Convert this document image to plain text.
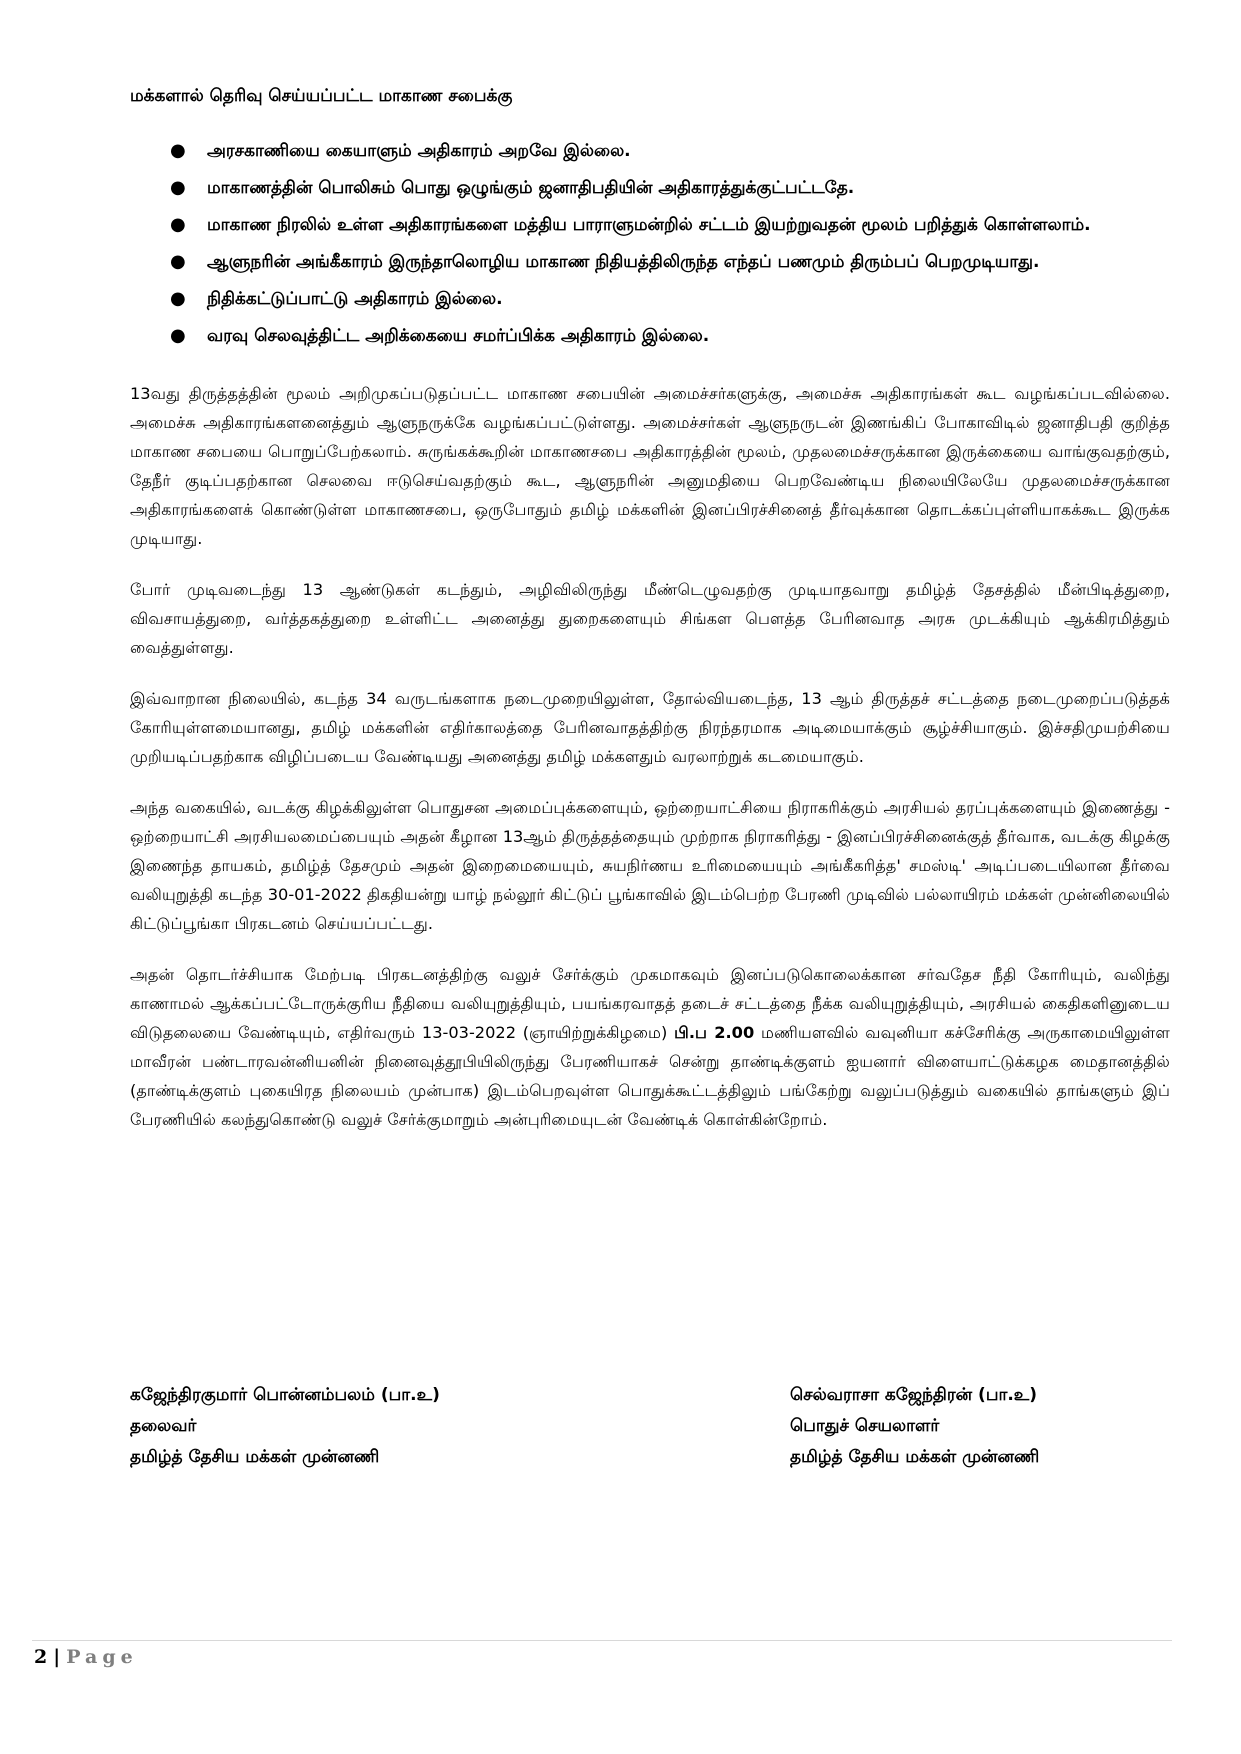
மக்களால் தெரிவு செய்யப்பட்ட மாகாண சபைக்கு

● அரசகாணியை கையாளும் அதிகாரம் அறவே இல்லை.
● மாகாணத்தின் பொலிசும் பொது ஒழுங்கும் ஜனாதிபதியின் அதிகாரத்துக்குட்பட்டதே.
● மாகாண நிரலில் உள்ள அதிகாரங்களை மத்திய பாராளுமன்றில் சட்டம் இயற்றுவதன் மூலம் பறித்துக் கொள்ளலாம்.
● ஆளுநரின் அங்கீகாரம் இருந்தாலொழிய மாகாண நிதியத்திலிருந்த எந்தப் பணமும் திரும்பப் பெறமுடியாது.
● நிதிக்கட்டுப்பாட்டு அதிகாரம் இல்லை.
● வரவு செலவுத்திட்ட அறிக்கையை சமர்ப்பிக்க அதிகாரம் இல்லை.

13வது திருத்தத்தின் மூலம் அறிமுகப்படுதப்பட்ட மாகாண சபையின் அமைச்சர்களுக்கு, அமைச்சு அதிகாரங்கள் கூட வழங்கப்படவில்லை. அமைச்சு அதிகாரங்களனைத்தும் ஆளுநருக்கே வழங்கப்பட்டுள்ளது. அமைச்சர்கள் ஆளுநருடன் இணங்கிப் போகாவிடில் ஜனாதிபதி குறித்த மாகாண சபையை பொறுப்பேற்கலாம். சுருங்கக்கூறின் மாகாணசபை அதிகாரத்தின் மூலம், முதலமைச்சருக்கான இருக்கையை வாங்குவதற்கும், தேநீர் குடிப்பதற்கான செலவை ஈடுசெய்வதற்கும் கூட, ஆளுநரின் அனுமதியை பெறவேண்டிய நிலையிலேயே முதலமைச்சருக்கான அதிகாரங்களைக் கொண்டுள்ள மாகாணசபை, ஒருபோதும் தமிழ் மக்களின் இனப்பிரச்சினைத் தீர்வுக்கான தொடக்கப்புள்ளியாகக்கூட இருக்க முடியாது.

போர் முடிவடைந்து 13 ஆண்டுகள் கடந்தும், அழிவிலிருந்து மீண்டெழுவதற்கு முடியாதவாறு தமிழ்த் தேசத்தில் மீன்பிடித்துறை, விவசாயத்துறை, வர்த்தகத்துறை உள்ளிட்ட அனைத்து துறைகளையும் சிங்கள பௌத்த பேரினவாத அரசு முடக்கியும் ஆக்கிரமித்தும் வைத்துள்ளது.

இவ்வாறான நிலையில், கடந்த 34 வருடங்களாக நடைமுறையிலுள்ள, தோல்வியடைந்த, 13 ஆம் திருத்தச் சட்டத்தை நடைமுறைப்படுத்தக் கோரியுள்ளமையானது, தமிழ் மக்களின் எதிர்காலத்தை பேரினவாதத்திற்கு நிரந்தரமாக அடிமையாக்கும் சூழ்ச்சியாகும். இச்சதிமுயற்சியை முறியடிப்பதற்காக விழிப்படைய வேண்டியது அனைத்து தமிழ் மக்களதும் வரலாற்றுக் கடமையாகும்.

அந்த வகையில், வடக்கு கிழக்கிலுள்ள பொதுசன அமைப்புக்களையும், ஒற்றையாட்சியை நிராகரிக்கும் அரசியல் தரப்புக்களையும் இணைத்து - ஒற்றையாட்சி அரசியலமைப்பையும் அதன் கீழான 13ஆம் திருத்தத்தையும் முற்றாக நிராகரித்து - இனப்பிரச்சினைக்குத் தீர்வாக, வடக்கு கிழக்கு இணைந்த தாயகம், தமிழ்த் தேசமும் அதன் இறைமையையும், சுயநிர்ணய உரிமையையும் அங்கீகரித்த' சமஸ்டி' அடிப்படையிலான தீர்வை வலியுறுத்தி கடந்த 30-01-2022 திகதியன்று யாழ் நல்லூர் கிட்டுப் பூங்காவில் இடம்பெற்ற பேரணி முடிவில் பல்லாயிரம் மக்கள் முன்னிலையில் கிட்டுப்பூங்கா பிரகடனம் செய்யப்பட்டது.

அதன் தொடர்ச்சியாக மேற்படி பிரகடனத்திற்கு வலுச் சேர்க்கும் முகமாகவும் இனப்படுகொலைக்கான சர்வதேச நீதி கோரியும், வலிந்து காணாமல் ஆக்கப்பட்டோருக்குரிய நீதியை வலியுறுத்தியும், பயங்கரவாதத் தடைச் சட்டத்தை நீக்க வலியுறுத்தியும், அரசியல் கைதிகளினுடைய விடுதலையை வேண்டியும், எதிர்வரும் 13-03-2022 (ஞாயிற்றுக்கிழமை) பி.ப 2.00 மணியளவில் வவுனியா கச்சேரிக்கு அருகாமையிலுள்ள மாவீரன் பண்டாரவன்னியனின் நினைவுத்தூபியிலிருந்து பேரணியாகச் சென்று தாண்டிக்குளம் ஐயனார் விளையாட்டுக்கழக மைதானத்தில் (தாண்டிக்குளம் புகையிரத நிலையம் முன்பாக) இடம்பெறவுள்ள பொதுக்கூட்டத்திலும் பங்கேற்று வலுப்படுத்தும் வகையில் தாங்களும் இப் பேரணியில் கலந்துகொண்டு வலுச் சேர்க்குமாறும் அன்புரிமையுடன் வேண்டிக் கொள்கின்றோம்.

கஜேந்திரகுமார் பொன்னம்பலம் (பா.உ)
தலைவர்
தமிழ்த் தேசிய மக்கள் முன்னணி
செல்வராசா கஜேந்திரன் (பா.உ)
பொதுச் செயலாளர்
தமிழ்த் தேசிய மக்கள் முன்னணி
2 | Page
